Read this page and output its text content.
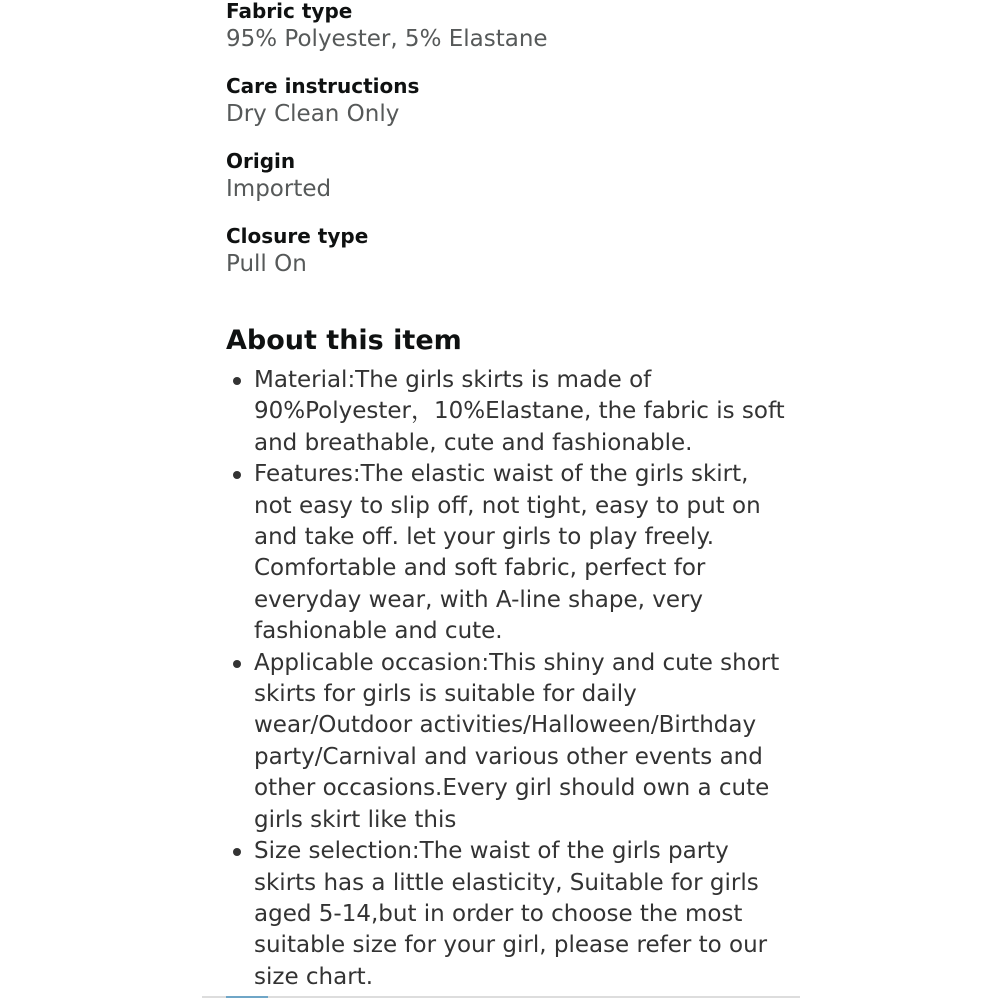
Fabric type
95% Polyester, 5% Elastane
Care instructions
Dry Clean Only
Origin
Imported
Closure type
Pull On
About this item
Material:The girls skirts is made of 90%Polyester，10%Elastane, the fabric is soft and breathable, cute and fashionable.
Features:The elastic waist of the girls skirt, not easy to slip off, not tight, easy to put on and take off. let your girls to play freely. Comfortable and soft fabric, perfect for everyday wear, with A-line shape, very fashionable and cute.
Applicable occasion:This shiny and cute short skirts for girls is suitable for daily wear/Outdoor activities/Halloween/Birthday party/Carnival and various other events and other occasions.Every girl should own a cute girls skirt like this
Size selection:The waist of the girls party skirts has a little elasticity, Suitable for girls aged 5-14,but in order to choose the most suitable size for your girl, please refer to our size chart.
